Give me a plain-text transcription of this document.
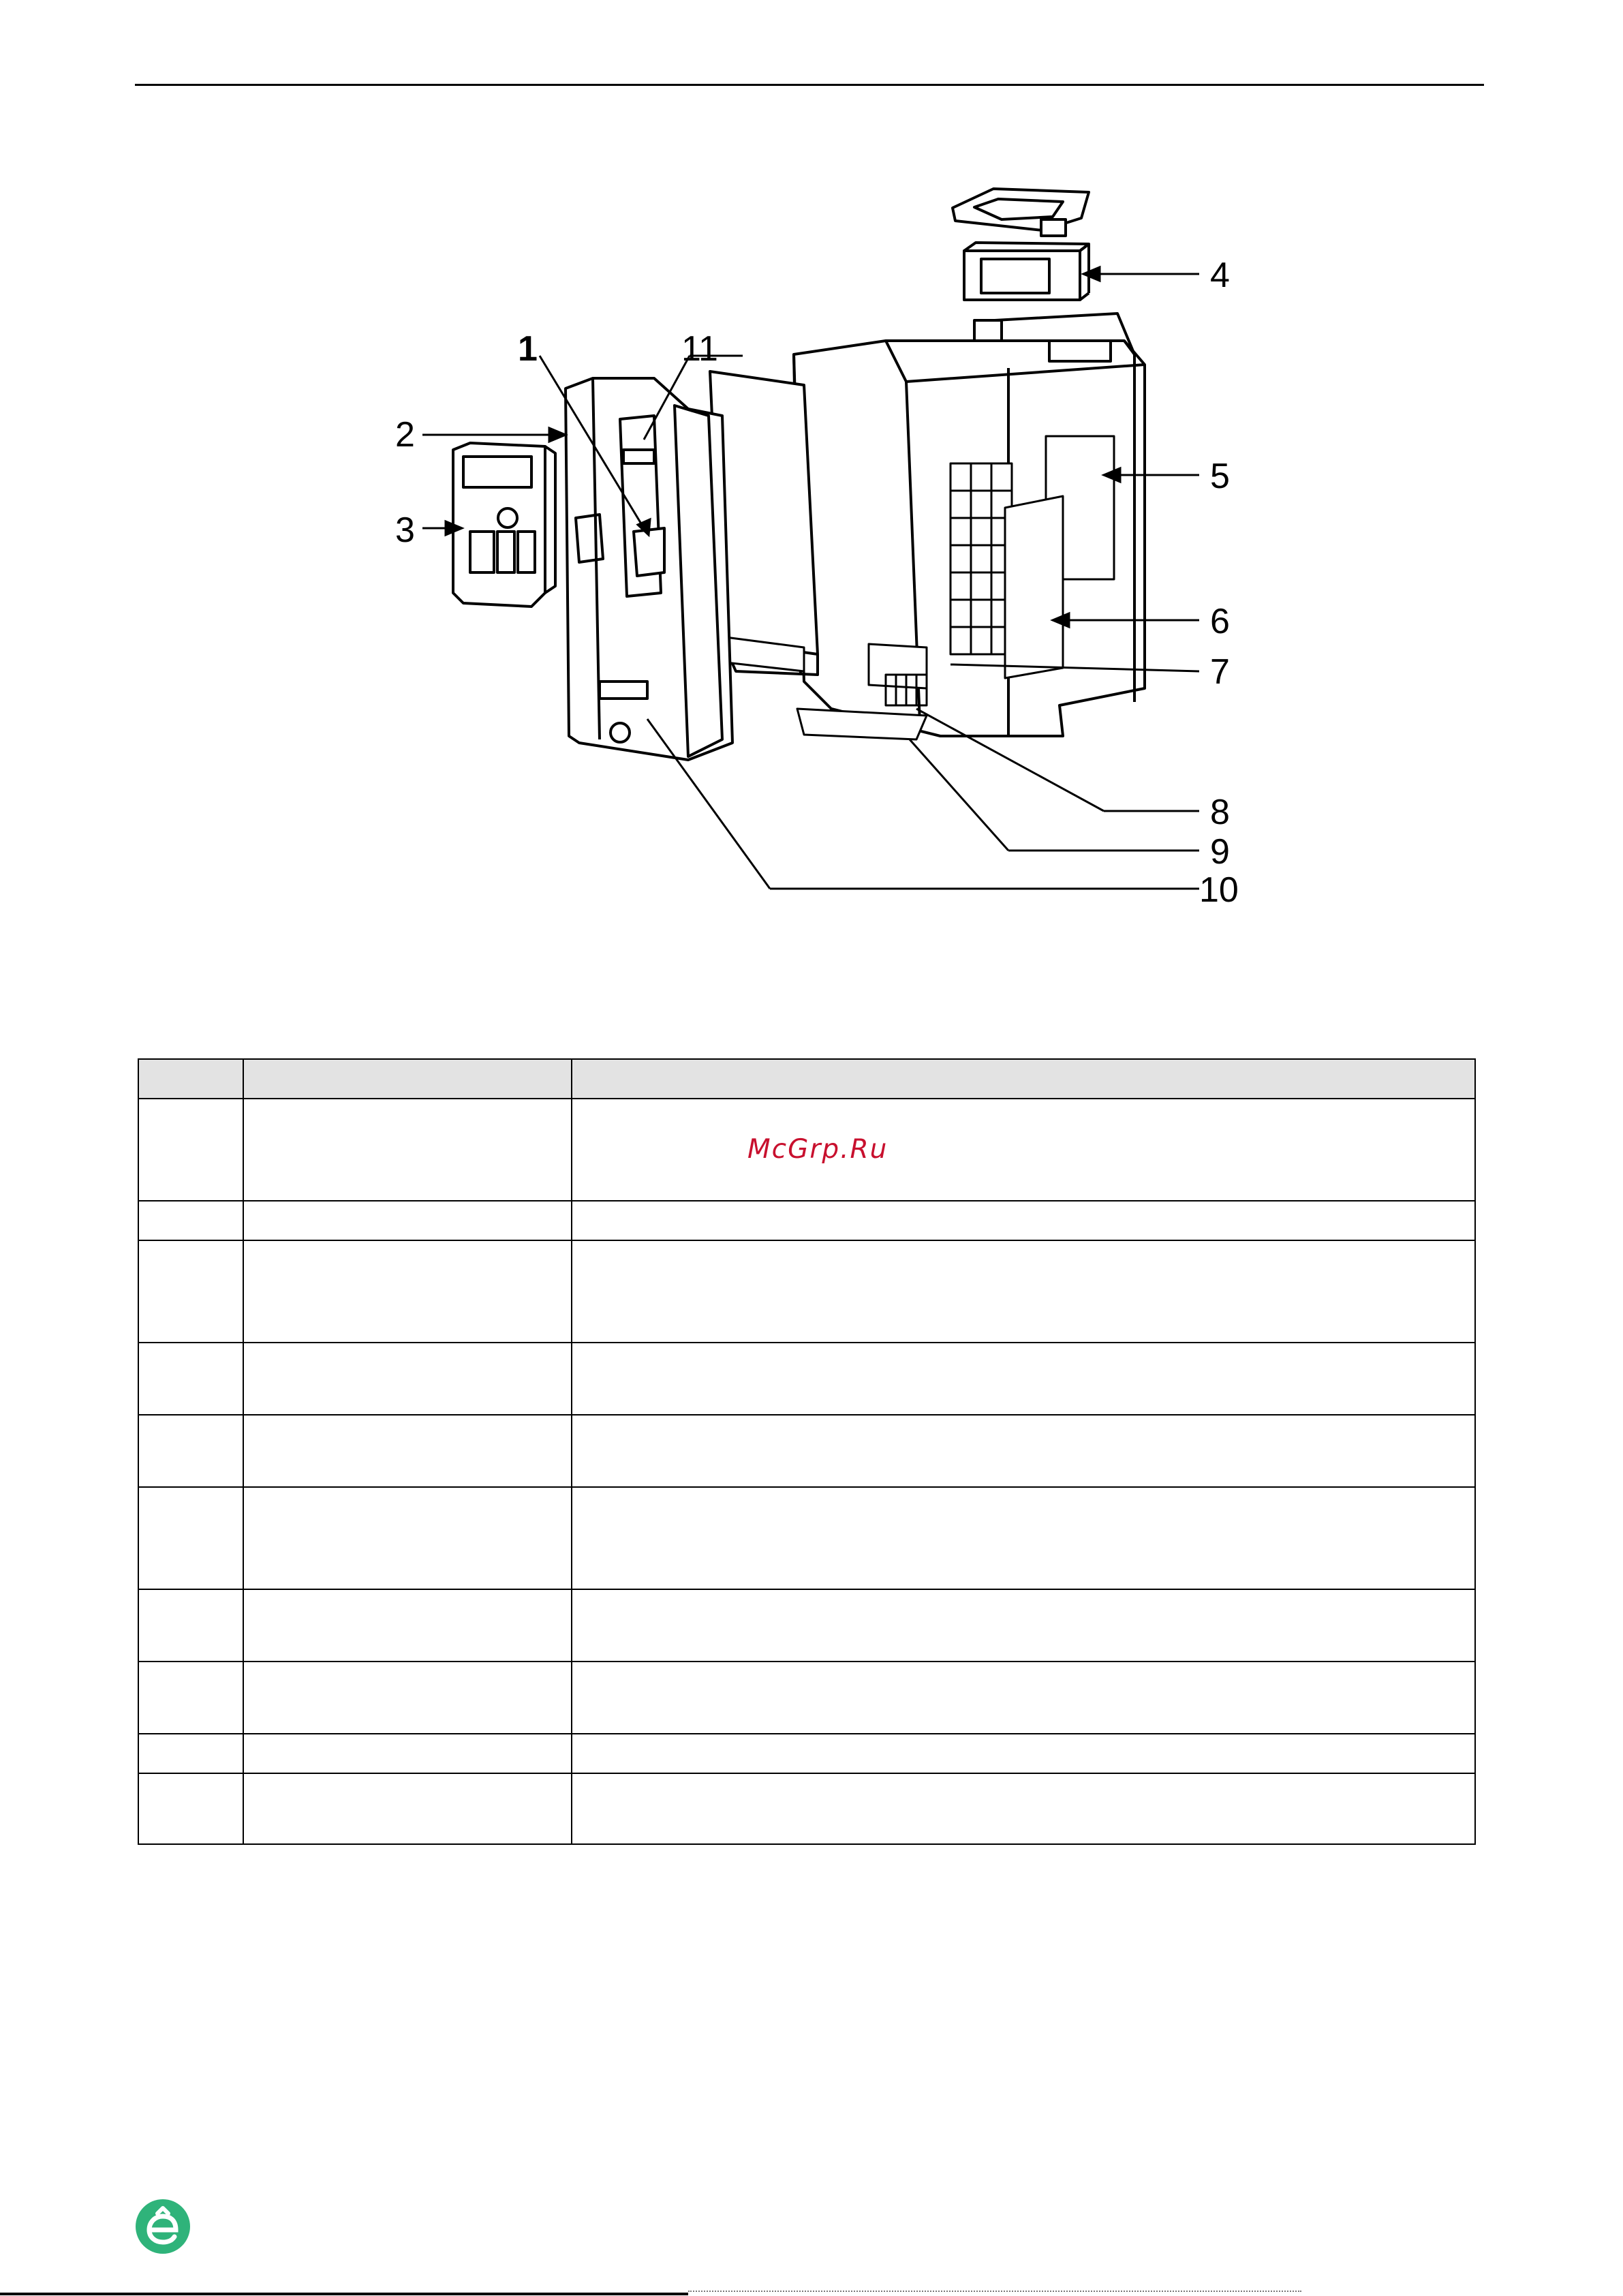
1	11
2
3
4
5
6
7
8
9
10

McGrp.Ru
